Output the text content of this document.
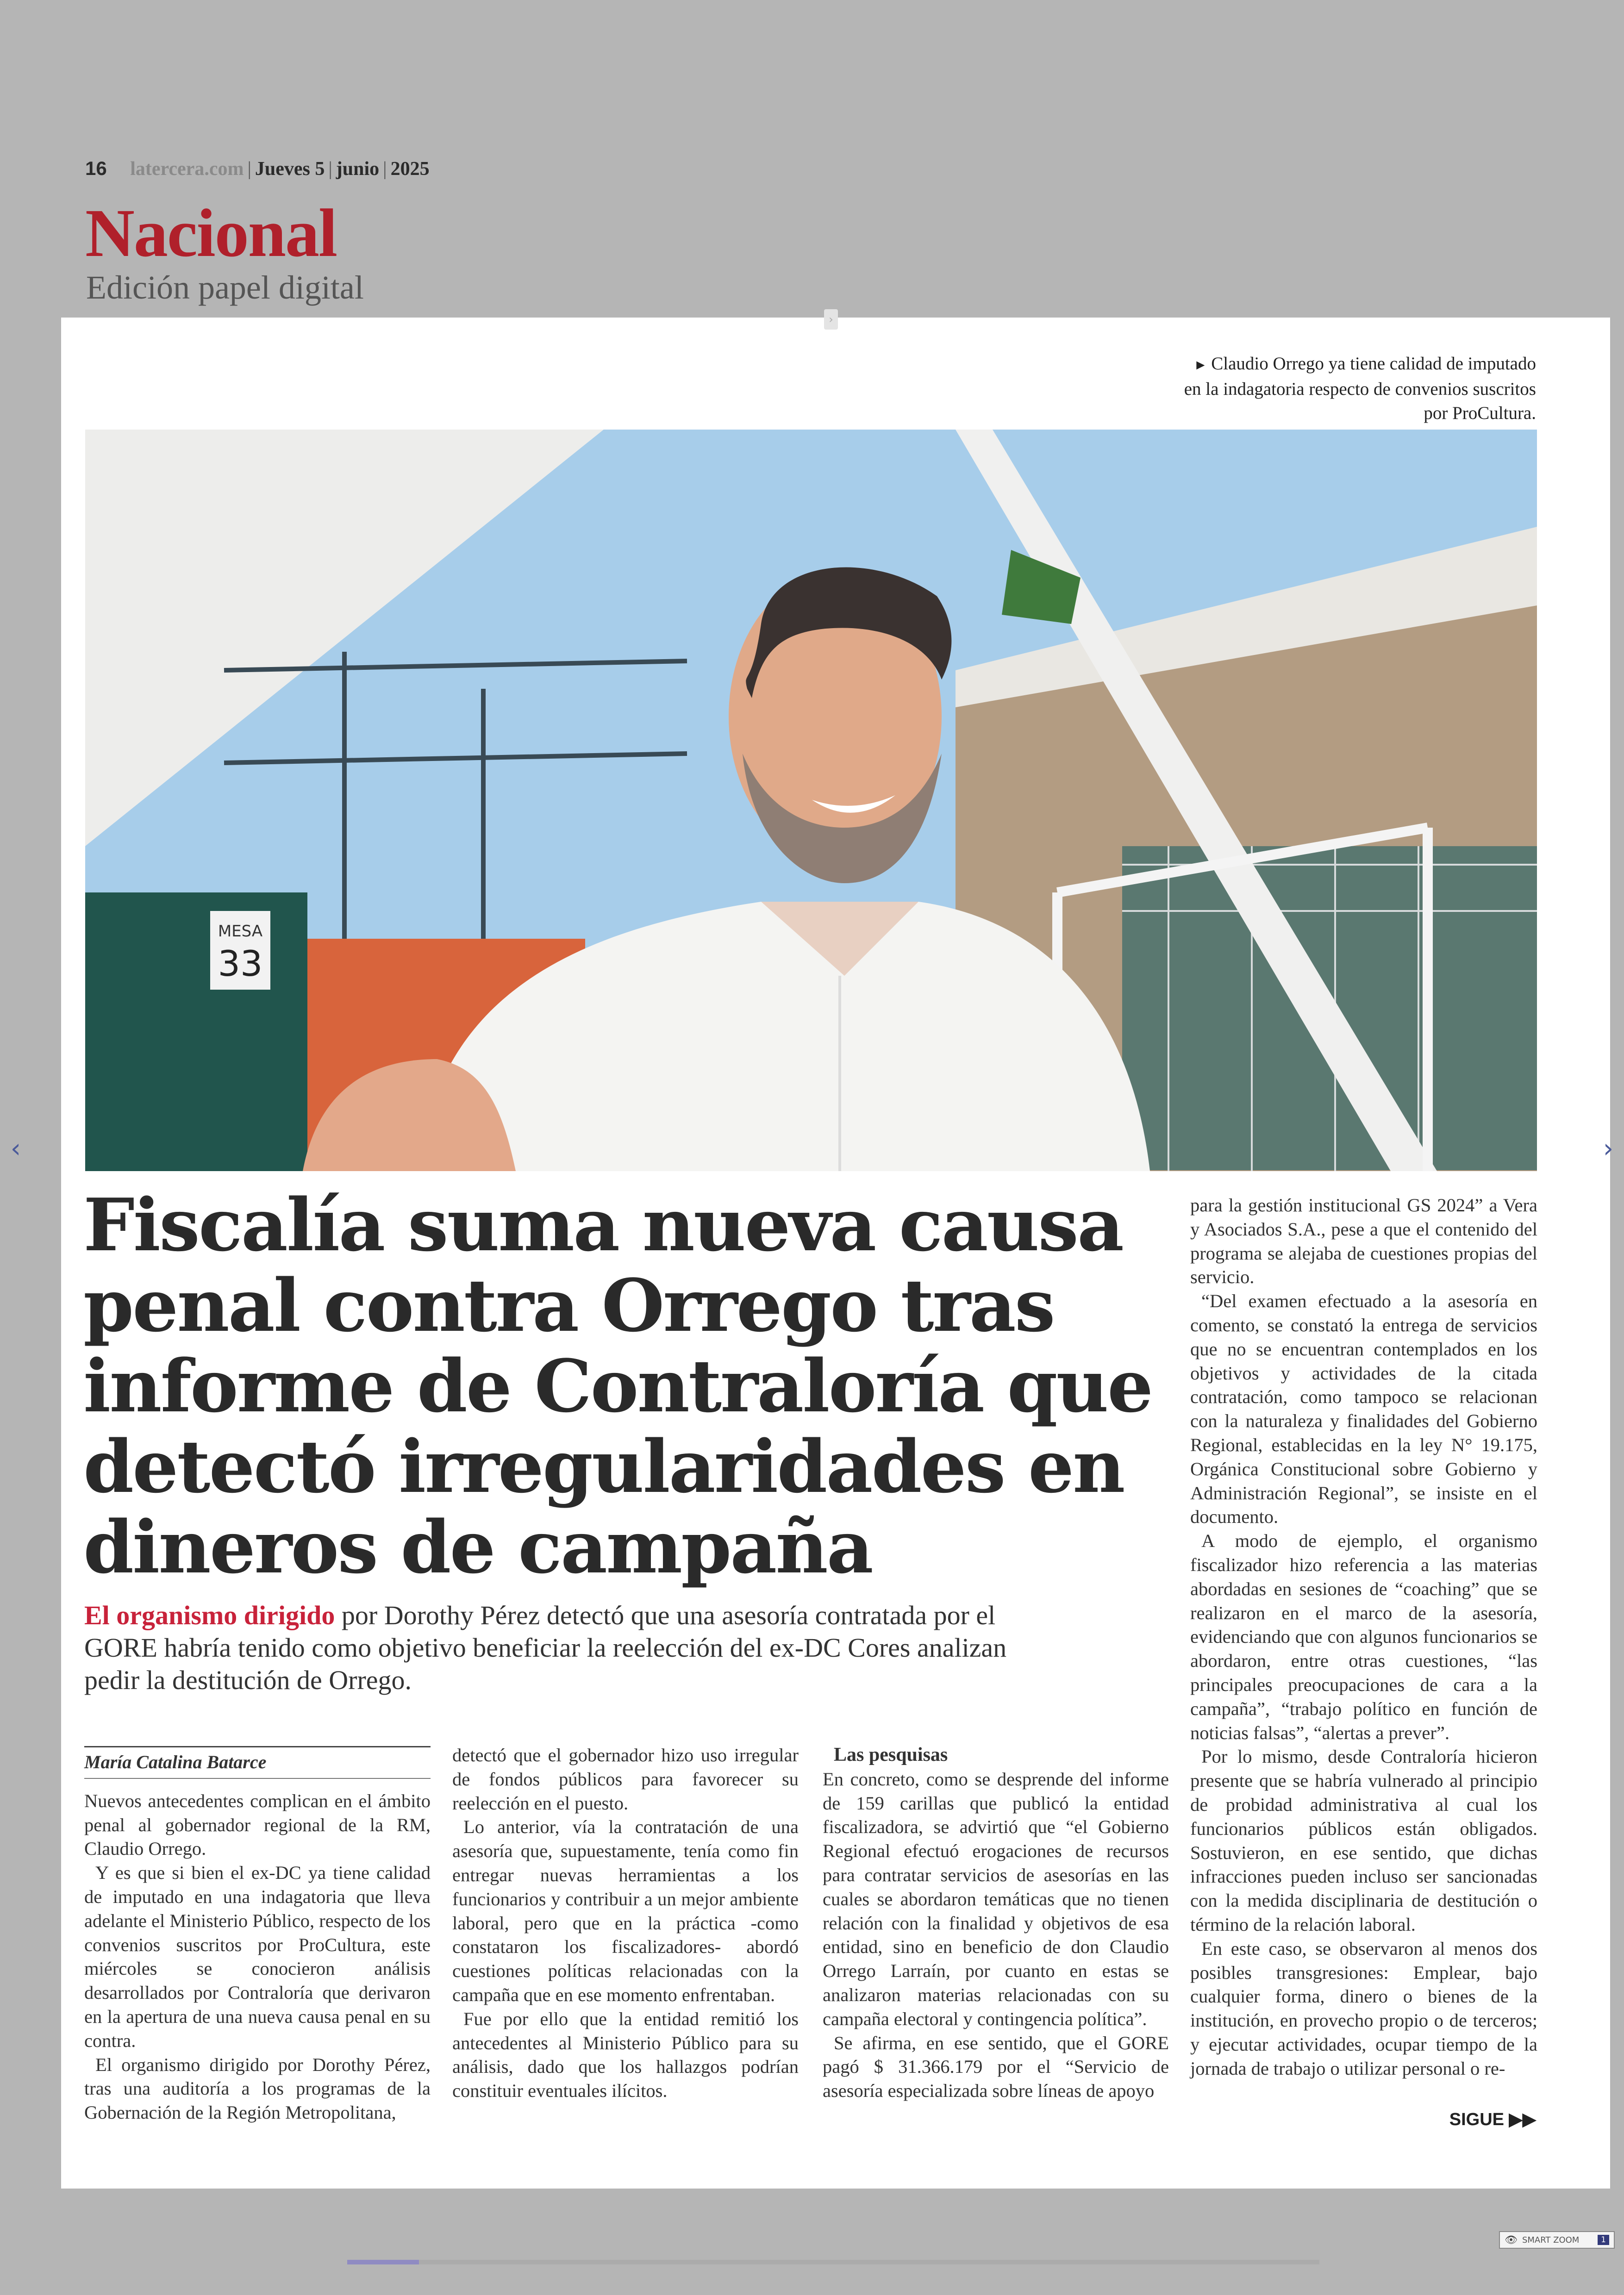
16 latercera.com | Jueves 5 | junio | 2025
Nacional
Edición papel digital
›
► Claudio Orrego ya tiene calidad de imputado en la indagatoria respecto de convenios suscritos por ProCultura.
MESA
33
Fiscalía suma nueva causa penal contra Orrego tras informe de Contraloría que detectó irregularidades en dineros de campaña
El organismo dirigido por Dorothy Pérez detectó que una asesoría contratada por el GORE habría tenido como objetivo beneficiar la reelección del ex-DC Cores analizan pedir la destitución de Orrego.
María Catalina Batarce

Nuevos antecedentes complican en el ámbito penal al gobernador regional de la RM, Claudio Orrego.

Y es que si bien el ex-DC ya tiene calidad de imputado en una indagatoria que lleva adelante el Ministerio Público, respecto de los convenios suscritos por ProCultura, este miércoles se conocieron análisis desarrollados por Contraloría que derivaron en la apertura de una nueva causa penal en su contra.

El organismo dirigido por Dorothy Pérez, tras una auditoría a los programas de la Gobernación de la Región Metropolitana,

detectó que el gobernador hizo uso irregular de fondos públicos para favorecer su reelección en el puesto.

Lo anterior, vía la contratación de una asesoría que, supuestamente, tenía como fin entregar nuevas herramientas a los funcionarios y contribuir a un mejor ambiente laboral, pero que en la práctica -como constataron los fiscalizadores- abordó cuestiones políticas relacionadas con la campaña que en ese momento enfrentaban.

Fue por ello que la entidad remitió los antecedentes al Ministerio Público para su análisis, dado que los hallazgos podrían constituir eventuales ilícitos.

Las pesquisas

En concreto, como se desprende del informe de 159 carillas que publicó la entidad fiscalizadora, se advirtió que “el Gobierno Regional efectuó erogaciones de recursos para contratar servicios de asesorías en las cuales se abordaron temáticas que no tienen relación con la finalidad y objetivos de esa entidad, sino en beneficio de don Claudio Orrego Larraín, por cuanto en estas se analizaron materias relacionadas con su campaña electoral y contingencia política”.

Se afirma, en ese sentido, que el GORE pagó $ 31.366.179 por el “Servicio de asesoría especializada sobre líneas de apoyo

para la gestión institucional GS 2024” a Vera y Asociados S.A., pese a que el contenido del programa se alejaba de cuestiones propias del servicio.

“Del examen efectuado a la asesoría en comento, se constató la entrega de servicios que no se encuentran contemplados en los objetivos y actividades de la citada contratación, como tampoco se relacionan con la naturaleza y finalidades del Gobierno Regional, establecidas en la ley N° 19.175, Orgánica Constitucional sobre Gobierno y Administración Regional”, se insiste en el documento.

A modo de ejemplo, el organismo fiscalizador hizo referencia a las materias abordadas en sesiones de “coaching” que se realizaron en el marco de la asesoría, evidenciando que con algunos funcionarios se abordaron, entre otras cuestiones, “las principales preocupaciones de cara a la campaña”, “trabajo político en función de noticias falsas”, “alertas a prever”.

Por lo mismo, desde Contraloría hicieron presente que se habría vulnerado al principio de probidad administrativa al cual los funcionarios públicos están obligados. Sostuvieron, en ese sentido, que dichas infracciones pueden incluso ser sancionadas con la medida disciplinaria de destitución o término de la relación laboral.

En este caso, se observaron al menos dos posibles transgresiones: Emplear, bajo cualquier forma, dinero o bienes de la institución, en provecho propio o de terceros; y ejecutar actividades, ocupar tiempo de la jornada de trabajo o utilizar personal o re-

SIGUE ▶▶
‹	›
👁 SMART ZOOM	1
